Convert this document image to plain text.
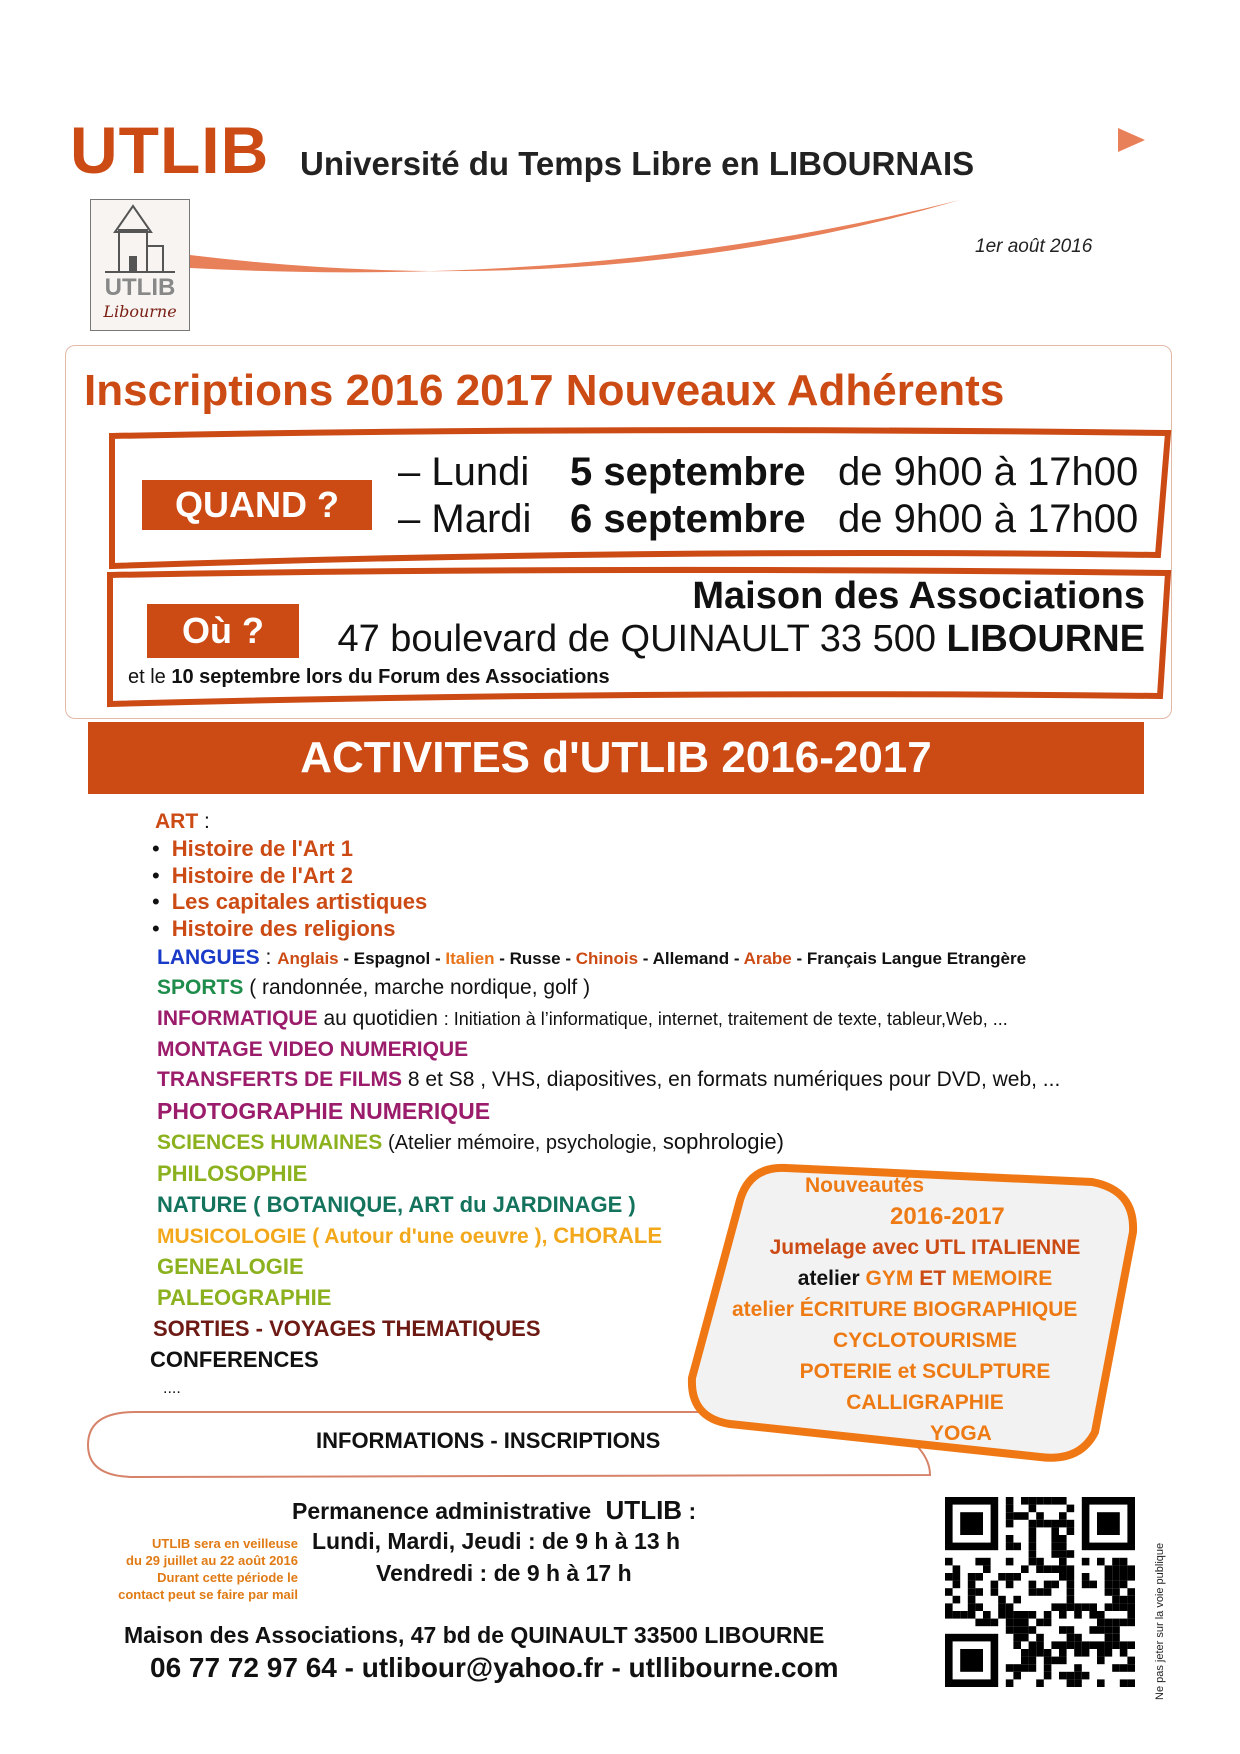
UTLIB Université du Temps Libre en LIBOURNAIS
1er août 2016
UTLIB
Libourne
Inscriptions 2016 2017 Nouveaux Adhérents
QUAND ?
– Lundi 5 septembre de 9h00 à 17h00
– Mardi 6 septembre de 9h00 à 17h00
Où ?
Maison des Associations
47 boulevard de QUINAULT 33 500 LIBOURNE
et le 10 septembre lors du Forum des Associations
ACTIVITES d'UTLIB 2016-2017
ART :
• Histoire de l'Art 1
• Histoire de l'Art 2
• Les capitales artistiques
• Histoire des religions
LANGUES : Anglais - Espagnol - Italien - Russe - Chinois - Allemand - Arabe - Français Langue Etrangère
SPORTS ( randonnée, marche nordique, golf )
INFORMATIQUE au quotidien : Initiation à l’informatique, internet, traitement de texte, tableur,Web, ...
MONTAGE VIDEO NUMERIQUE
TRANSFERTS DE FILMS 8 et S8 , VHS, diapositives, en formats numériques pour DVD, web, ...
PHOTOGRAPHIE NUMERIQUE
SCIENCES HUMAINES (Atelier mémoire, psychologie, sophrologie)
PHILOSOPHIE
NATURE ( BOTANIQUE, ART du JARDINAGE )
MUSICOLOGIE ( Autour d'une oeuvre ), CHORALE
GENEALOGIE
PALEOGRAPHIE
SORTIES - VOYAGES THEMATIQUES
CONFERENCES
....
INFORMATIONS - INSCRIPTIONS
Nouveautés
2016-2017
Jumelage avec UTL ITALIENNE
atelier GYM ET MEMOIRE
atelier ÉCRITURE BIOGRAPHIQUE
CYCLOTOURISME
POTERIE et SCULPTURE
CALLIGRAPHIE
YOGA
Permanence administrative UTLIB :
Lundi, Mardi, Jeudi : de 9 h à 13 h
Vendredi : de 9 h à 17 h
UTLIB sera en veilleuse
du 29 juillet au 22 août 2016
Durant cette période le
contact peut se faire par mail
Maison des Associations, 47 bd de QUINAULT 33500 LIBOURNE
06 77 72 97 64 - utlibour@yahoo.fr - utllibourne.com	Ne pas jeter sur la voie publique
